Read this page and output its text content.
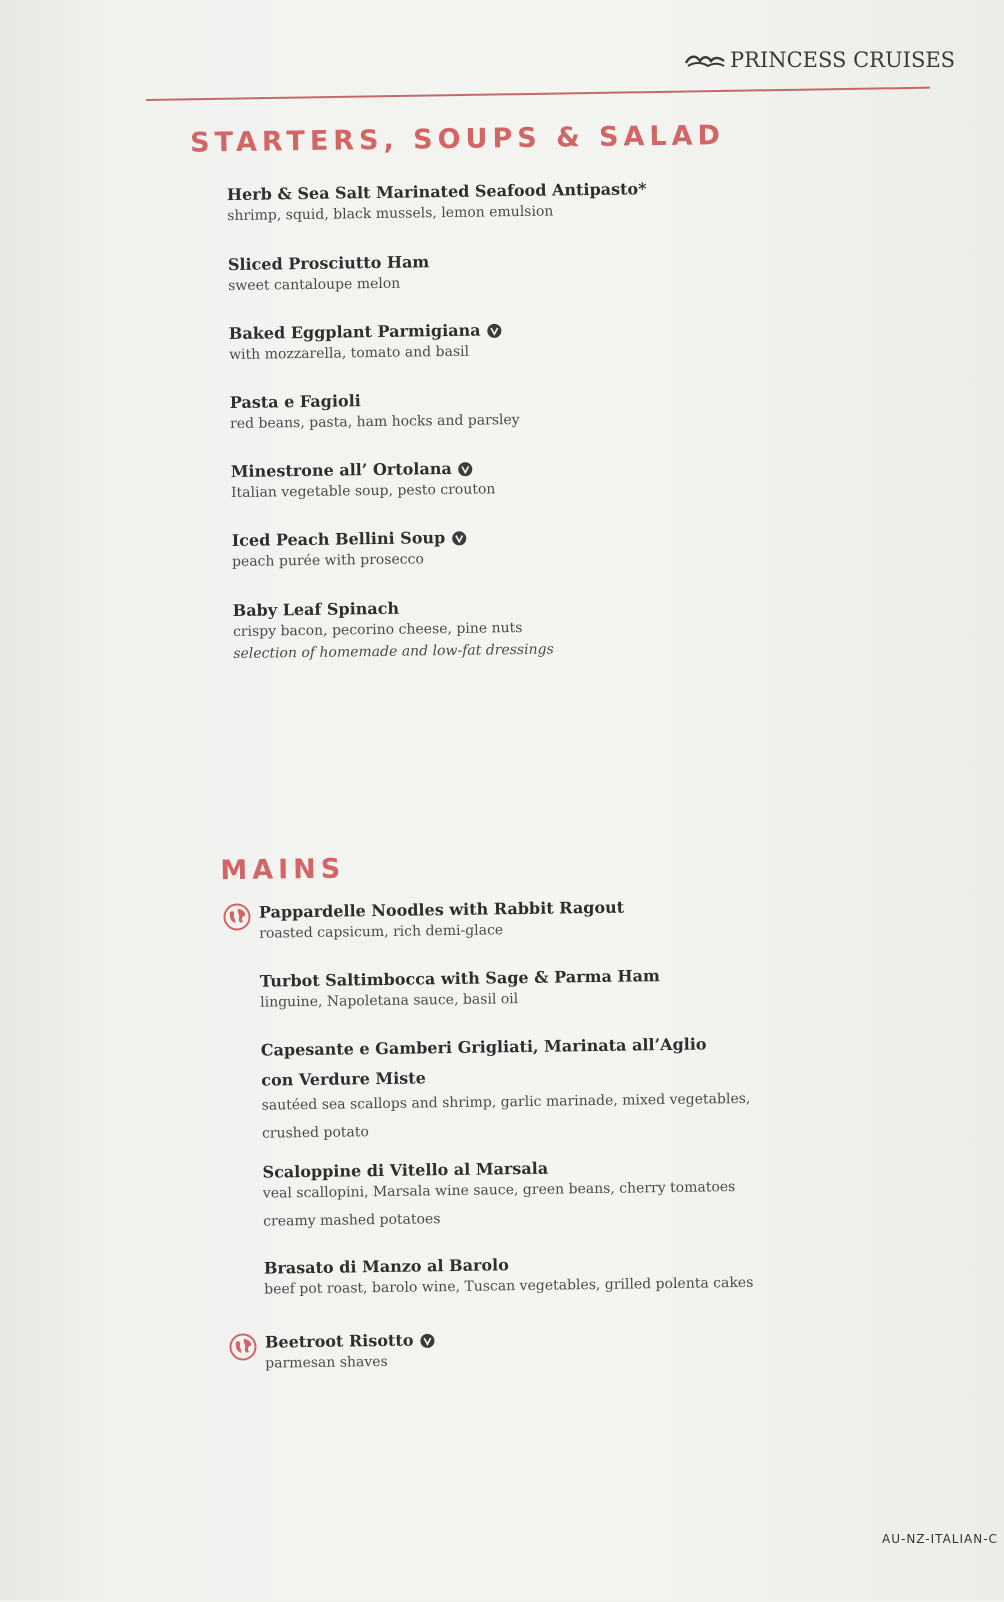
PRINCESS CRUISES
STARTERS, SOUPS & SALAD
Herb & Sea Salt Marinated Seafood Antipasto*
shrimp, squid, black mussels, lemon emulsion
Sliced Prosciutto Ham
sweet cantaloupe melon
Baked Eggplant Parmigiana
with mozzarella, tomato and basil
Pasta e Fagioli
red beans, pasta, ham hocks and parsley
Minestrone all’ Ortolana
Italian vegetable soup, pesto crouton
Iced Peach Bellini Soup
peach purée with prosecco
Baby Leaf Spinach
crispy bacon, pecorino cheese, pine nuts
selection of homemade and low-fat dressings
MAINS
Pappardelle Noodles with Rabbit Ragout
roasted capsicum, rich demi-glace
Turbot Saltimbocca with Sage & Parma Ham
linguine, Napoletana sauce, basil oil
Capesante e Gamberi Grigliati, Marinata all’Aglio
con Verdure Miste
sautéed sea scallops and shrimp, garlic marinade, mixed vegetables,
crushed potato
Scaloppine di Vitello al Marsala
veal scallopini, Marsala wine sauce, green beans, cherry tomatoes
creamy mashed potatoes
Brasato di Manzo al Barolo
beef pot roast, barolo wine, Tuscan vegetables, grilled polenta cakes
Beetroot Risotto
parmesan shaves
AU-NZ-ITALIAN-C
